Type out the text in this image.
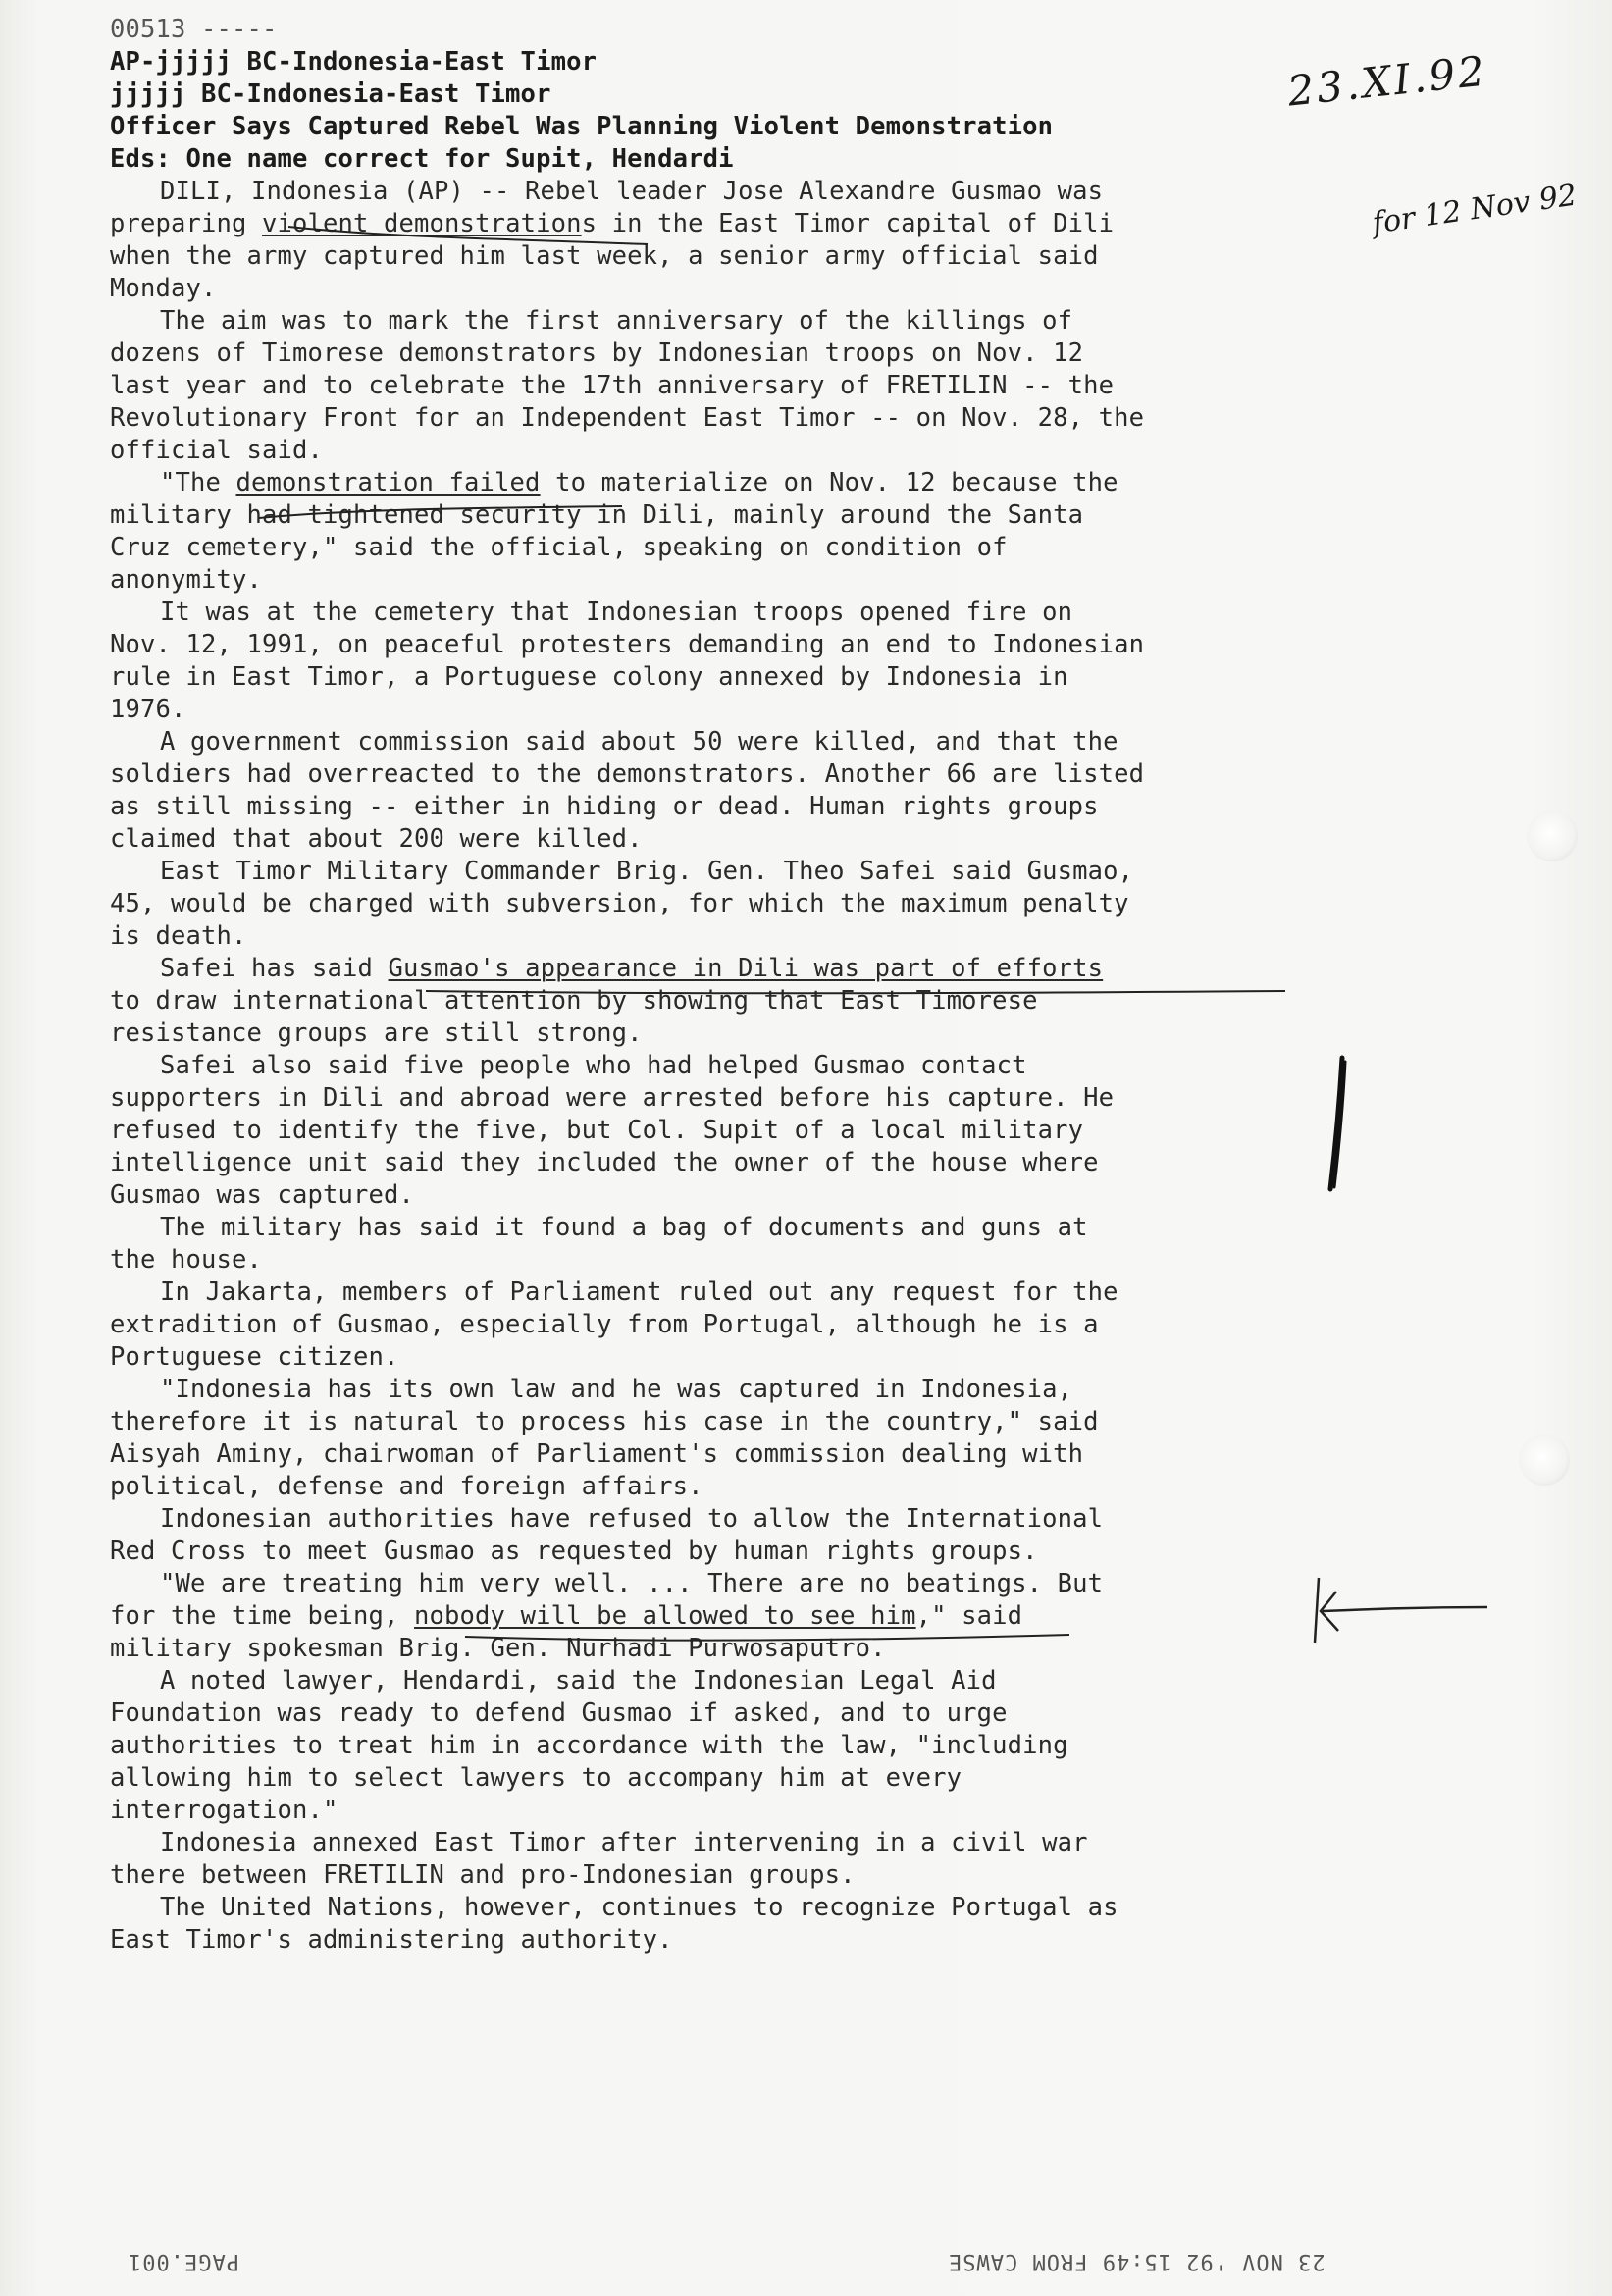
00513 -----
AP-jjjjj BC-Indonesia-East Timor
jjjjj BC-Indonesia-East Timor
Officer Says Captured Rebel Was Planning Violent Demonstration
Eds: One name correct for Supit, Hendardi
DILI, Indonesia (AP) -- Rebel leader Jose Alexandre Gusmao was
preparing violent demonstrations in the East Timor capital of Dili
when the army captured him last week, a senior army official said
Monday.
The aim was to mark the first anniversary of the killings of
dozens of Timorese demonstrators by Indonesian troops on Nov. 12
last year and to celebrate the 17th anniversary of FRETILIN -- the
Revolutionary Front for an Independent East Timor -- on Nov. 28, the
official said.
"The demonstration failed to materialize on Nov. 12 because the
military had tightened security in Dili, mainly around the Santa
Cruz cemetery," said the official, speaking on condition of
anonymity.
It was at the cemetery that Indonesian troops opened fire on
Nov. 12, 1991, on peaceful protesters demanding an end to Indonesian
rule in East Timor, a Portuguese colony annexed by Indonesia in
1976.
A government commission said about 50 were killed, and that the
soldiers had overreacted to the demonstrators. Another 66 are listed
as still missing -- either in hiding or dead. Human rights groups
claimed that about 200 were killed.
East Timor Military Commander Brig. Gen. Theo Safei said Gusmao,
45, would be charged with subversion, for which the maximum penalty
is death.
Safei has said Gusmao's appearance in Dili was part of efforts
to draw international attention by showing that East Timorese
resistance groups are still strong.
Safei also said five people who had helped Gusmao contact
supporters in Dili and abroad were arrested before his capture. He
refused to identify the five, but Col. Supit of a local military
intelligence unit said they included the owner of the house where
Gusmao was captured.
The military has said it found a bag of documents and guns at
the house.
In Jakarta, members of Parliament ruled out any request for the
extradition of Gusmao, especially from Portugal, although he is a
Portuguese citizen.
"Indonesia has its own law and he was captured in Indonesia,
therefore it is natural to process his case in the country," said
Aisyah Aminy, chairwoman of Parliament's commission dealing with
political, defense and foreign affairs.
Indonesian authorities have refused to allow the International
Red Cross to meet Gusmao as requested by human rights groups.
"We are treating him very well. ... There are no beatings. But
for the time being, nobody will be allowed to see him," said
military spokesman Brig. Gen. Nurhadi Purwosaputro.
A noted lawyer, Hendardi, said the Indonesian Legal Aid
Foundation was ready to defend Gusmao if asked, and to urge
authorities to treat him in accordance with the law, "including
allowing him to select lawyers to accompany him at every
interrogation."
Indonesia annexed East Timor after intervening in a civil war
there between FRETILIN and pro-Indonesian groups.
The United Nations, however, continues to recognize Portugal as
East Timor's administering authority.
23.XI.92
for 12 Nov 92
PAGE.001	23 NOV '92 15:49 FROM CAWSE
